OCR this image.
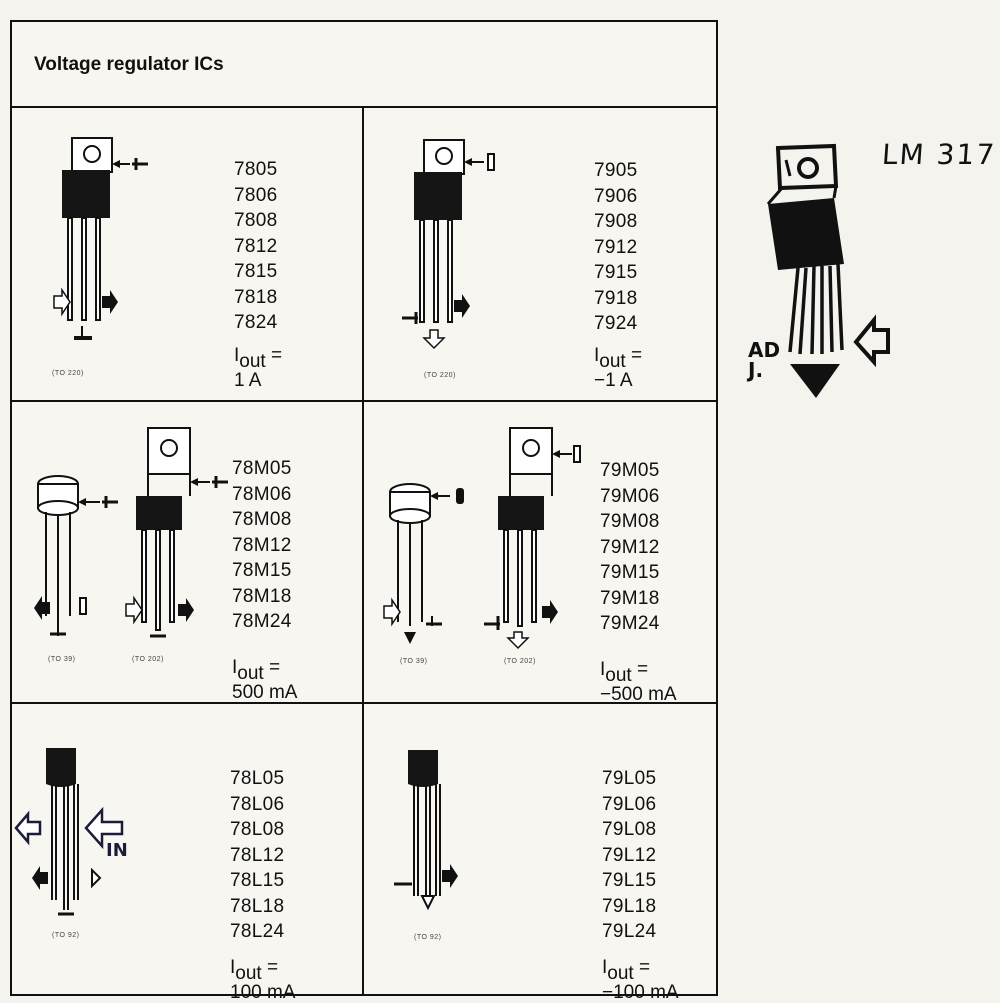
Voltage regulator ICs
(TO 220)
7805
7806
7808
7812
7815
7818
7824
$I_{out}$ =
1 A	(TO 220)
7905
7906
7908
7912
7915
7918
7924
$I_{out}$ =
−1 A
(TO 39)	(TO 202)
78M05
78M06
78M08
78M12
78M15
78M18
78M24
$I_{out}$ =
500 mA
(TO 39)	(TO 202)
79M05
79M06
79M08
79M12
79M15
79M18
79M24
$I_{out}$ =
−500 mA
(TO 92)
78L05
78L06
78L08
78L12
78L15
78L18
78L24
$I_{out}$ =
100 mA
(TO 92)
79L05
79L06
79L08
79L12
79L15
79L18
79L24
$I_{out}$ =
−100 mA
LM 317
AD
J.
IN
